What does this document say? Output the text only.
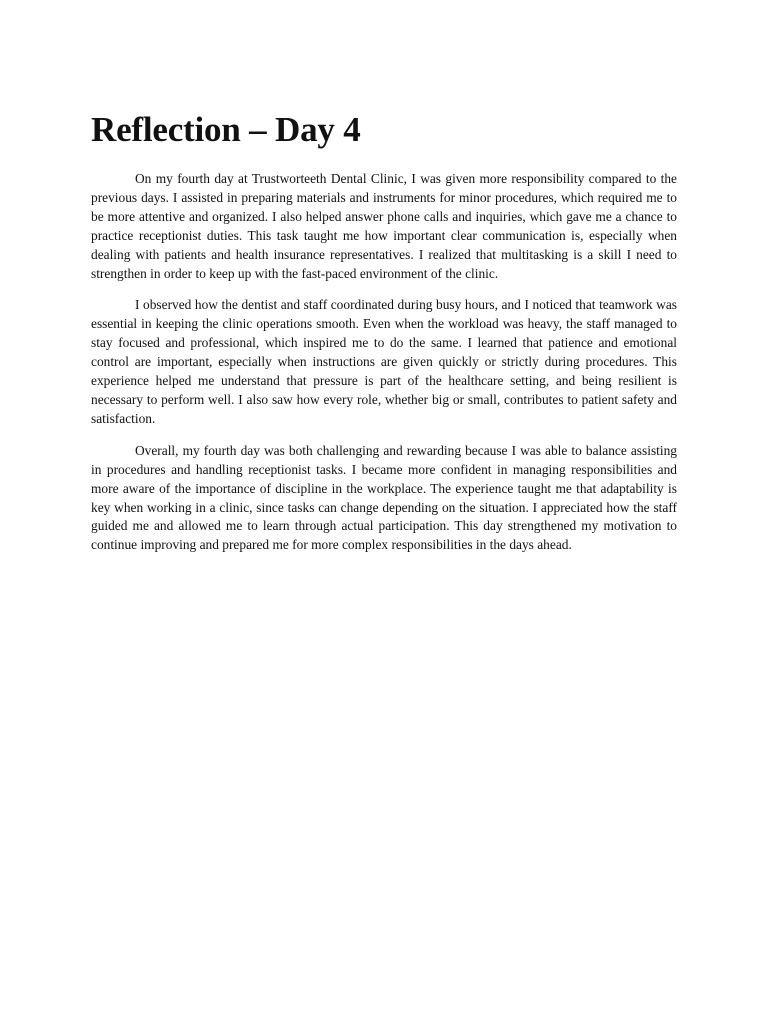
Reflection – Day 4

On my fourth day at Trustworteeth Dental Clinic, I was given more responsibility compared to the previous days. I assisted in preparing materials and instruments for minor procedures, which required me to be more attentive and organized. I also helped answer phone calls and inquiries, which gave me a chance to practice receptionist duties. This task taught me how important clear communication is, especially when dealing with patients and health insurance representatives. I realized that multitasking is a skill I need to strengthen in order to keep up with the fast-paced environment of the clinic.

I observed how the dentist and staff coordinated during busy hours, and I noticed that teamwork was essential in keeping the clinic operations smooth. Even when the workload was heavy, the staff managed to stay focused and professional, which inspired me to do the same. I learned that patience and emotional control are important, especially when instructions are given quickly or strictly during procedures. This experience helped me understand that pressure is part of the healthcare setting, and being resilient is necessary to perform well. I also saw how every role, whether big or small, contributes to patient safety and satisfaction.

Overall, my fourth day was both challenging and rewarding because I was able to balance assisting in procedures and handling receptionist tasks. I became more confident in managing responsibilities and more aware of the importance of discipline in the workplace. The experience taught me that adaptability is key when working in a clinic, since tasks can change depending on the situation. I appreciated how the staff guided me and allowed me to learn through actual participation. This day strengthened my motivation to continue improving and prepared me for more complex responsibilities in the days ahead.
